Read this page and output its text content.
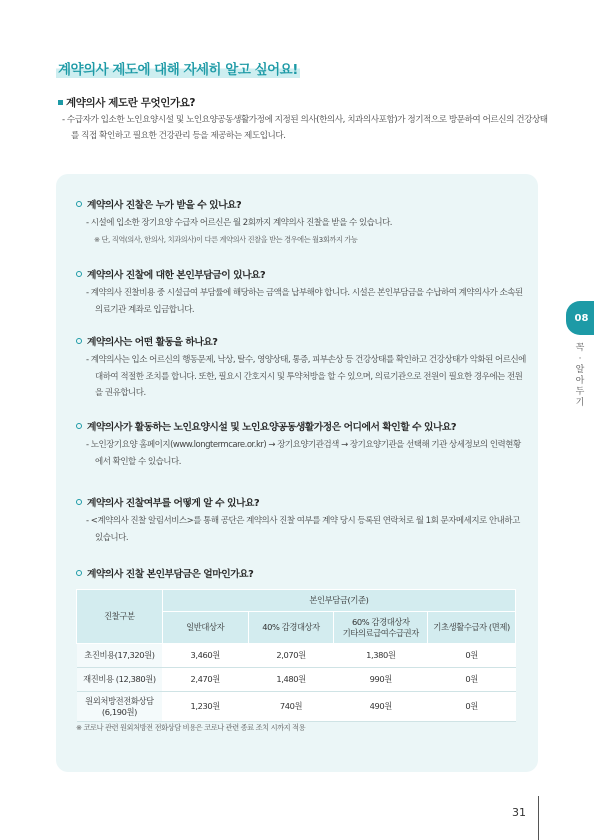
계약의사 제도에 대해 자세히 알고 싶어요!
계약의사 제도란 무엇인가요?
- 수급자가 입소한 노인요양시설 및 노인요양공동생활가정에 지정된 의사(한의사, 치과의사포함)가 정기적으로 방문하여 어르신의 건강상태를 직접 확인하고 필요한 건강관리 등을 제공하는 제도입니다.
계약의사 진찰은 누가 받을 수 있나요?
- 시설에 입소한 장기요양 수급자 어르신은 월 2회까지 계약의사 진찰을 받을 수 있습니다.
※ 단, 직역(의사, 한의사, 치과의사)이 다른 계약의사 진찰을 받는 경우에는 월3회까지 가능
계약의사 진찰에 대한 본인부담금이 있나요?
- 계약의사 진찰비용 중 시설급여 부담률에 해당하는 금액을 납부해야 합니다. 시설은 본인부담금을 수납하여 계약의사가 소속된 의료기관 계좌로 입금합니다.
계약의사는 어떤 활동을 하나요?
- 계약의사는 입소 어르신의 행동문제, 낙상, 탈수, 영양상태, 통증, 피부손상 등 건강상태를 확인하고 건강상태가 악화된 어르신에 대하여 적절한 조치를 합니다. 또한, 필요시 간호지시 및 투약처방을 할 수 있으며, 의료기관으로 전원이 필요한 경우에는 전원을 권유합니다.
계약의사가 활동하는 노인요양시설 및 노인요양공동생활가정은 어디에서 확인할 수 있나요?
- 노인장기요양 홈페이지(www.longtermcare.or.kr) → 장기요양기관검색 → 장기요양기관을 선택해 기관 상세정보의 인력현황에서 확인할 수 있습니다.
계약의사 진찰여부를 어떻게 알 수 있나요?
- <계약의사 진찰 알림서비스>를 통해 공단은 계약의사 진찰 여부를 계약 당시 등록된 연락처로 월 1회 문자메세지로 안내하고 있습니다.
계약의사 진찰 본인부담금은 얼마인가요?
진찰구분	본인부담금(기준)			
	일반대상자	40% 감경대상자	60% 감경대상자
기타의료급여수급권자	기초생활수급자 (면제)
초진비용(17,320원)	3,460원	2,070원	1,380원	0원
재진비용 (12,380원)	2,470원	1,480원	990원	0원
원외처방전전화상담
(6,190원)	1,230원	740원	490원	0원
※ 코로나 관련 원외처방전 전화상담 비용은 코로나 관련 종료 조치 시까지 적용
08
꼭
·
알
아
두
기
31
